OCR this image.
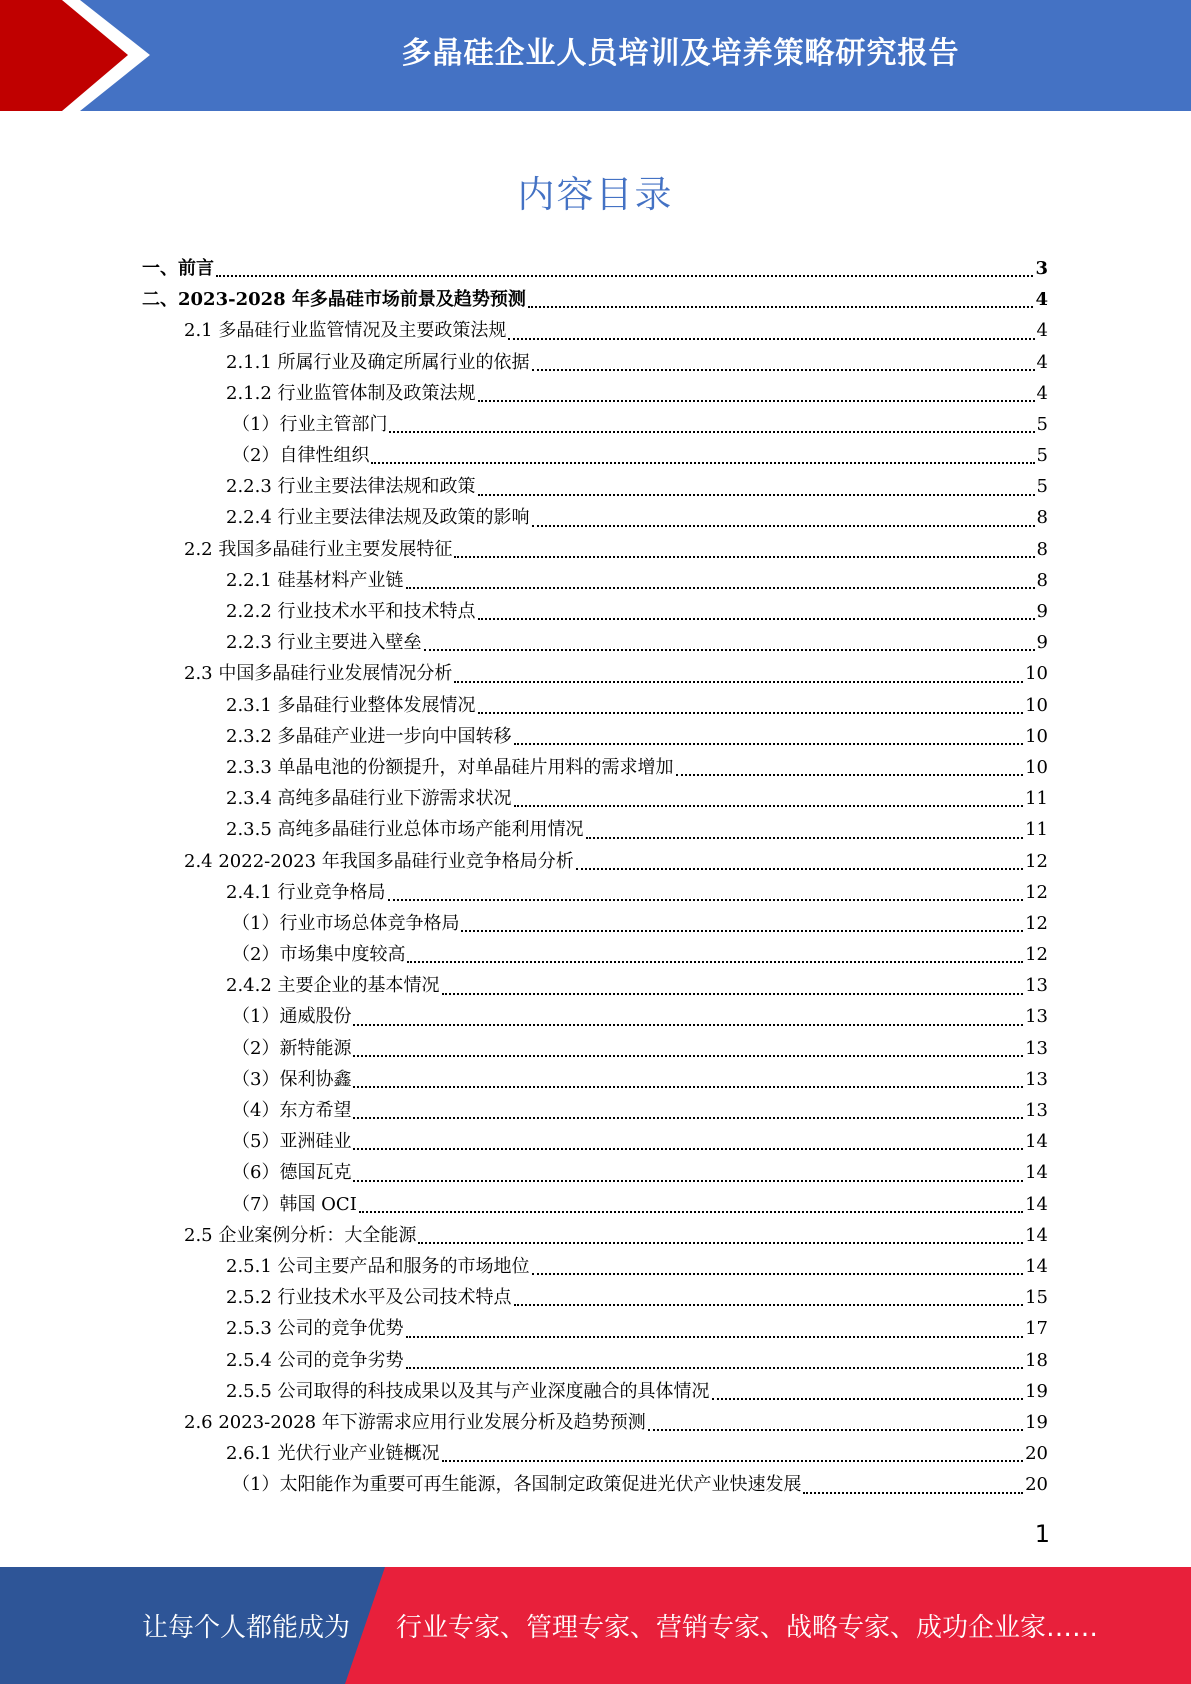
多晶硅企业人员培训及培养策略研究报告
内容目录
一、前言	3
二、2023-2028 年多晶硅市场前景及趋势预测	4
2.1 多晶硅行业监管情况及主要政策法规	4
2.1.1 所属行业及确定所属行业的依据	4
2.1.2 行业监管体制及政策法规	4
（1）行业主管部门	5
（2）自律性组织	5
2.2.3 行业主要法律法规和政策	5
2.2.4 行业主要法律法规及政策的影响	8
2.2 我国多晶硅行业主要发展特征	8
2.2.1 硅基材料产业链	8
2.2.2 行业技术水平和技术特点	9
2.2.3 行业主要进入壁垒	9
2.3 中国多晶硅行业发展情况分析	10
2.3.1 多晶硅行业整体发展情况	10
2.3.2 多晶硅产业进一步向中国转移	10
2.3.3 单晶电池的份额提升，对单晶硅片用料的需求增加	10
2.3.4 高纯多晶硅行业下游需求状况	11
2.3.5 高纯多晶硅行业总体市场产能利用情况	11
2.4 2022-2023 年我国多晶硅行业竞争格局分析	12
2.4.1 行业竞争格局	12
（1）行业市场总体竞争格局	12
（2）市场集中度较高	12
2.4.2 主要企业的基本情况	13
（1）通威股份	13
（2）新特能源	13
（3）保利协鑫	13
（4）东方希望	13
（5）亚洲硅业	14
（6）德国瓦克	14
（7）韩国 OCI	14
2.5 企业案例分析：大全能源	14
2.5.1 公司主要产品和服务的市场地位	14
2.5.2 行业技术水平及公司技术特点	15
2.5.3 公司的竞争优势	17
2.5.4 公司的竞争劣势	18
2.5.5 公司取得的科技成果以及其与产业深度融合的具体情况	19
2.6 2023-2028 年下游需求应用行业发展分析及趋势预测	19
2.6.1 光伏行业产业链概况	20
（1）太阳能作为重要可再生能源，各国制定政策促进光伏产业快速发展	20
1
让每个人都能成为 行业专家、管理专家、营销专家、战略专家、成功企业家……
